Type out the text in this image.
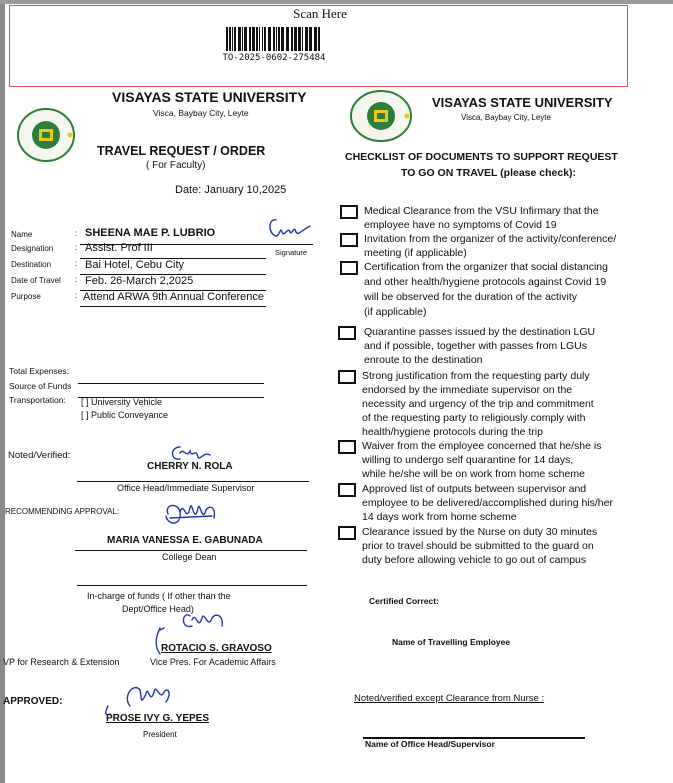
Scan Here
TO-2025-0602-275484
VISAYAS STATE UNIVERSITY
Visca, Baybay City, Leyte
TRAVEL REQUEST / ORDER
( For Faculty)
Date: January 10,2025
Name	: SHEENA MAE P. LUBRIO
Designation	: Assist. Prof III
Destination	: Bai Hotel, Cebu City
Date of Travel : Feb. 26-March 2,2025
Purpose	: Attend ARWA 9th Annual Conference
Signature
Total Expenses:
Source of Funds
Transportation: [ ] University Vehicle
[ ] Public Conveyance
Noted/Verified:
CHERRY N. ROLA
Office Head/Immediate Supervisor
RECOMMENDING APPROVAL:
MARIA VANESSA E. GABUNADA
College Dean
In-charge of funds ( If other than the
Dept/Office Head)
ROTACIO S. GRAVOSO
VP for Research & Extension	Vice Pres. For Academic Affairs
APPROVED:
PROSE IVY G. YEPES
President
VISAYAS STATE UNIVERSITY
Visca, Baybay City, Leyte
CHECKLIST OF DOCUMENTS TO SUPPORT REQUEST
TO GO ON TRAVEL (please check):
Medical Clearance from the VSU Infirmary that the
employee have no symptoms of Covid 19
Invitation from the organizer of the activity/conference/
meeting (if applicable)
Certification from the organizer that social distancing
and other health/hygiene protocols against Covid 19
will be observed for the duration of the activity
(if applicable)
Quarantine passes issued by the destination LGU
and if possible, together with passes from LGUs
enroute to the destination
Strong justification from the requesting party duly
endorsed by the immediate supervisor on the
necessity and urgency of the trip and commitment
of the requesting party to religiously comply with
health/hygiene protocols during the trip
Waiver from the employee concerned that he/she is
willing to undergo self quarantine for 14 days,
while he/she will be on work from home scheme
Approved list of outputs between supervisor and
employee to be delivered/accomplished during his/her
14 days work from home scheme
Clearance issued by the Nurse on duty 30 minutes
prior to travel should be submitted to the guard on
duty before allowing vehicle to go out of campus
Certified Correct:
Name of Travelling Employee
Noted/verified except Clearance from Nurse :
Name of Office Head/Supervisor
